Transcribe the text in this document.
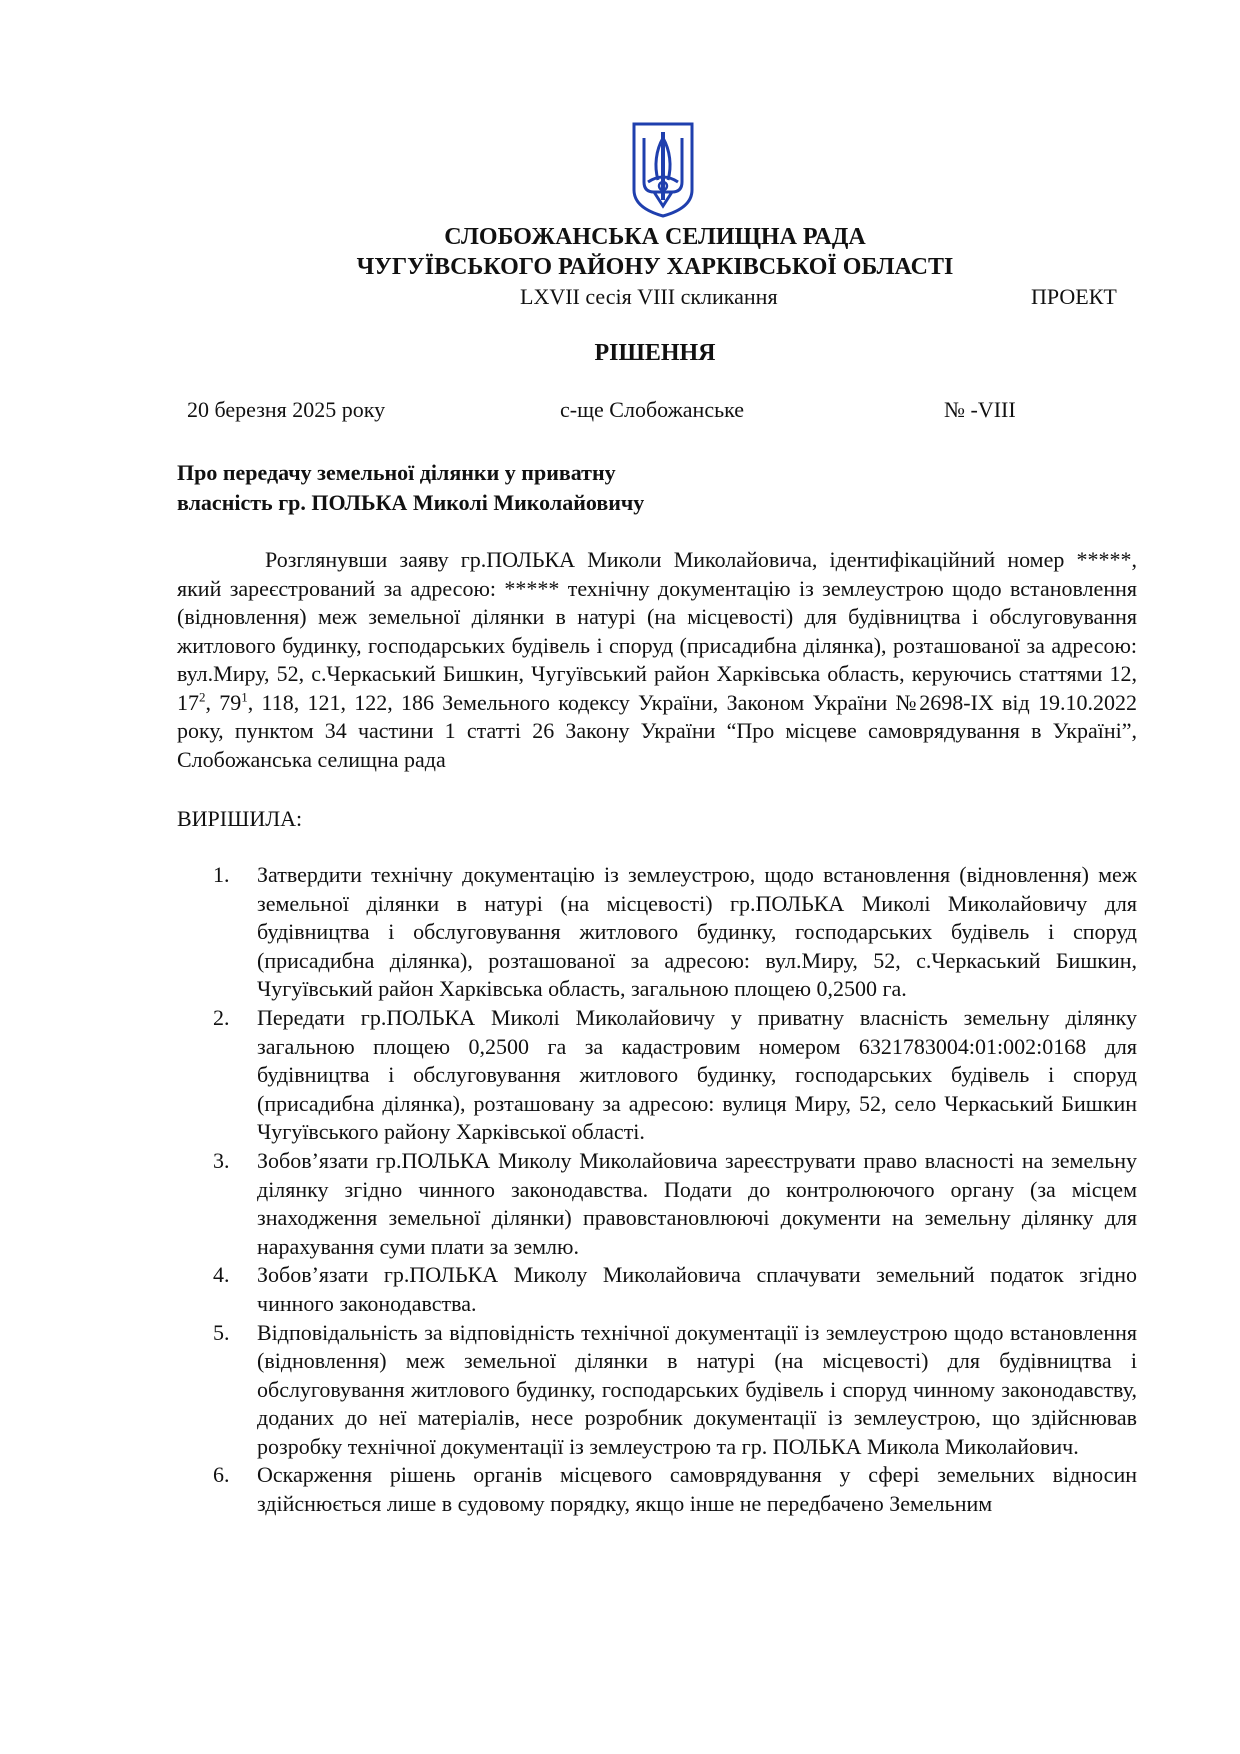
СЛОБОЖАНСЬКА СЕЛИЩНА РАДА
ЧУГУЇВСЬКОГО РАЙОНУ ХАРКІВСЬКОЇ ОБЛАСТІ
LXVII сесія VIII скликання	ПРОЕКТ
РІШЕННЯ
20 березня 2025 року	с-ще Слобожанське	№ -VIII
Про передачу земельної ділянки у приватну
власність гр. ПОЛЬКА Миколі Миколайовичу
Розглянувши заяву гр.ПОЛЬКА Миколи Миколайовича, ідентифікаційний номер *****, який зареєстрований за адресою: ***** технічну документацію із землеустрою щодо встановлення (відновлення) меж земельної ділянки в натурі (на місцевості) для будівництва і обслуговування житлового будинку, господарських будівель і споруд (присадибна ділянка), розташованої за адресою: вул.Миру, 52, с.Черкаський Бишкин, Чугуївський район Харківська область, керуючись статтями 12, $17^2$, $79^1$, 118, 121, 122, 186 Земельного кодексу України, Законом України №2698-IX від 19.10.2022 року, пунктом 34 частини 1 статті 26 Закону України “Про місцеве самоврядування в Україні”, Слобожанська селищна рада
ВИРІШИЛА:
1. Затвердити технічну документацію із землеустрою, щодо встановлення (відновлення) меж земельної ділянки в натурі (на місцевості) гр.ПОЛЬКА Миколі Миколайовичу для будівництва і обслуговування житлового будинку, господарських будівель і споруд (присадибна ділянка), розташованої за адресою: вул.Миру, 52, с.Черкаський Бишкин, Чугуївський район Харківська область, загальною площею 0,2500 га.
2. Передати гр.ПОЛЬКА Миколі Миколайовичу у приватну власність земельну ділянку загальною площею 0,2500 га за кадастровим номером 6321783004:01:002:0168 для будівництва і обслуговування житлового будинку, господарських будівель і споруд (присадибна ділянка), розташовану за адресою: вулиця Миру, 52, село Черкаський Бишкин Чугуївського району Харківської області.
3. Зобов’язати гр.ПОЛЬКА Миколу Миколайовича зареєструвати право власності на земельну ділянку згідно чинного законодавства. Подати до контролюючого органу (за місцем знаходження земельної ділянки) правовстановлюючі документи на земельну ділянку для нарахування суми плати за землю.
4. Зобов’язати гр.ПОЛЬКА Миколу Миколайовича сплачувати земельний податок згідно чинного законодавства.
5. Відповідальність за відповідність технічної документації із землеустрою щодо встановлення (відновлення) меж земельної ділянки в натурі (на місцевості) для будівництва і обслуговування житлового будинку, господарських будівель і споруд чинному законодавству, доданих до неї матеріалів, несе розробник документації із землеустрою, що здійснював розробку технічної документації із землеустрою та гр. ПОЛЬКА Микола Миколайович.
6. Оскарження рішень органів місцевого самоврядування у сфері земельних відносин здійснюється лише в судовому порядку, якщо інше не передбачено Земельним
